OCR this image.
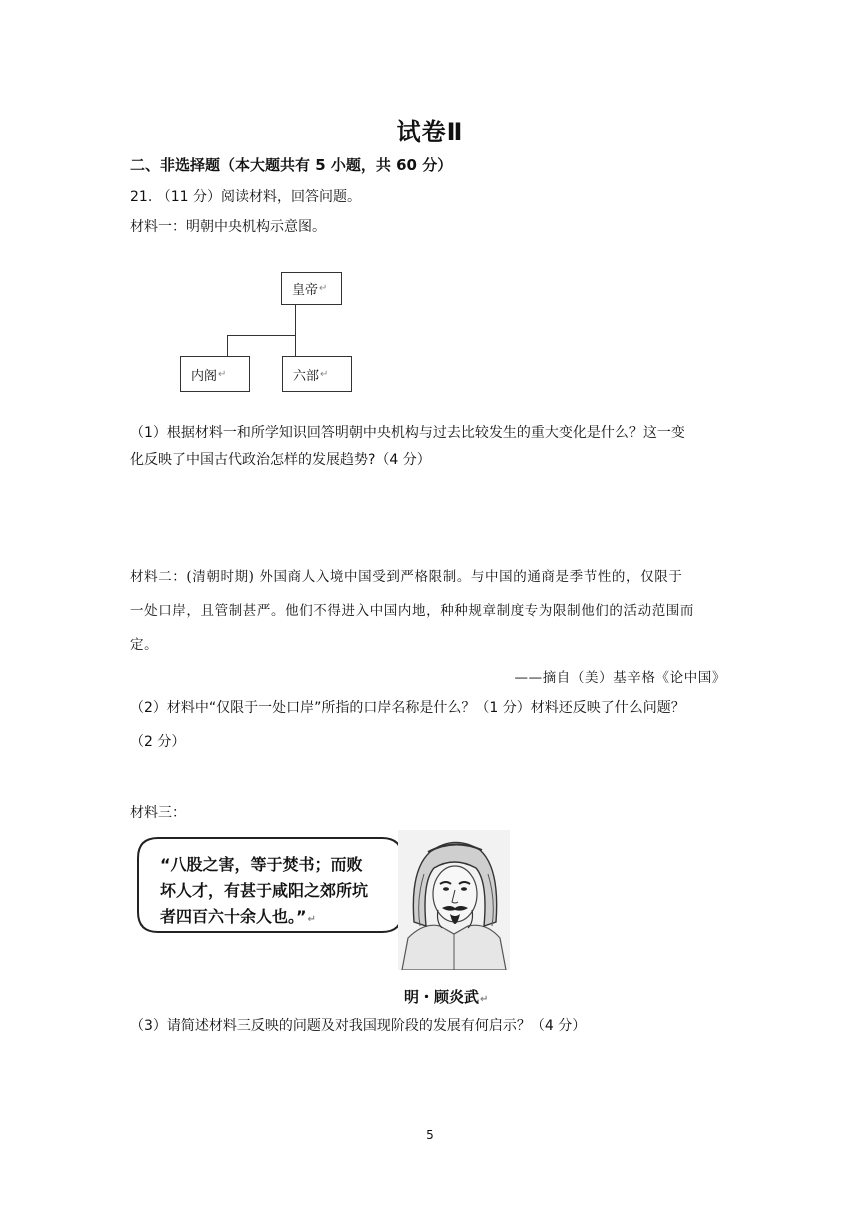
试卷Ⅱ
二、非选择题（本大题共有 5 小题，共 60 分）
21. （11 分）阅读材料，回答问题。
材料一：明朝中央机构示意图。
皇帝 ↵
内阁 ↵	六部 ↵
（1）根据材料一和所学知识回答明朝中央机构与过去比较发生的重大变化是什么？这一变
化反映了中国古代政治怎样的发展趋势?（4 分）
材料二：(清朝时期) 外国商人入境中国受到严格限制。与中国的通商是季节性的，仅限于
一处口岸，且管制甚严。他们不得进入中国内地，种种规章制度专为限制他们的活动范围而
定。
——摘自（美）基辛格《论中国》
（2）材料中“仅限于一处口岸”所指的口岸名称是什么？（1 分）材料还反映了什么问题？
（2 分）
材料三：
“八股之害，等于焚书；而败
坏人才，有甚于咸阳之郊所坑
者四百六十余人也。”↵
明・顾炎武↵
（3）请简述材料三反映的问题及对我国现阶段的发展有何启示？（4 分）
5
